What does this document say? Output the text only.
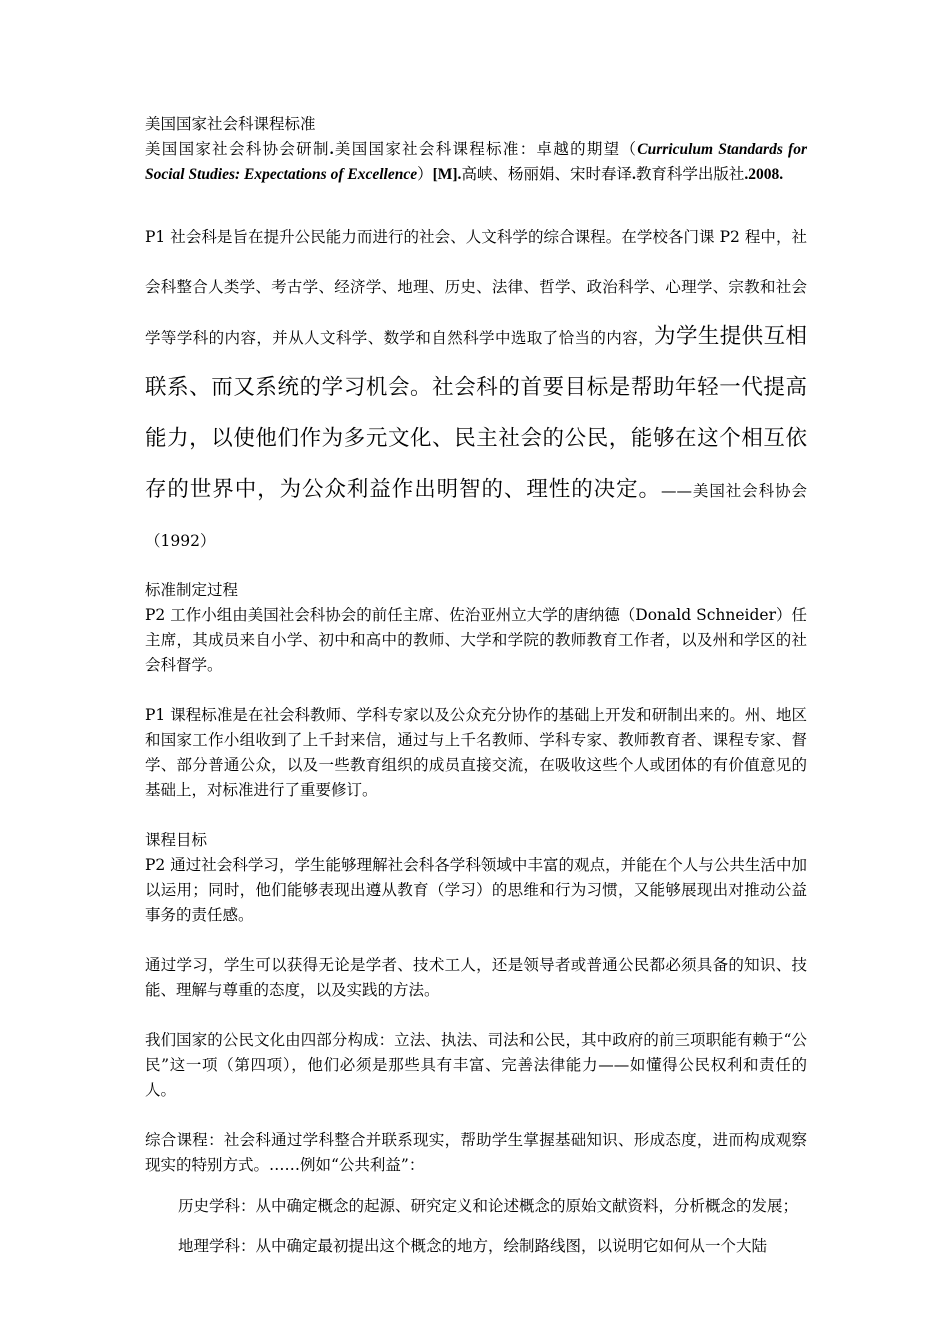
美国国家社会科课程标准

美国国家社会科协会研制.美国国家社会科课程标准：卓越的期望（Curriculum Standards for Social Studies: Expectations of Excellence）[M].高峡、杨丽娟、宋时春译.教育科学出版社.2008.

P1 社会科是旨在提升公民能力而进行的社会、人文科学的综合课程。在学校各门课 P2 程中，社会科整合人类学、考古学、经济学、地理、历史、法律、哲学、政治科学、心理学、宗教和社会学等学科的内容，并从人文科学、数学和自然科学中选取了恰当的内容，为学生提供互相联系、而又系统的学习机会。社会科的首要目标是帮助年轻一代提高能力，以使他们作为多元文化、民主社会的公民，能够在这个相互依存的世界中，为公众利益作出明智的、理性的决定。——美国社会科协会（1992）

标准制定过程

P2 工作小组由美国社会科协会的前任主席、佐治亚州立大学的唐纳德（Donald Schneider）任主席，其成员来自小学、初中和高中的教师、大学和学院的教师教育工作者，以及州和学区的社会科督学。

P1 课程标准是在社会科教师、学科专家以及公众充分协作的基础上开发和研制出来的。州、地区和国家工作小组收到了上千封来信，通过与上千名教师、学科专家、教师教育者、课程专家、督学、部分普通公众，以及一些教育组织的成员直接交流，在吸收这些个人或团体的有价值意见的基础上，对标准进行了重要修订。

课程目标

P2 通过社会科学习，学生能够理解社会科各学科领域中丰富的观点，并能在个人与公共生活中加以运用；同时，他们能够表现出遵从教育（学习）的思维和行为习惯，又能够展现出对推动公益事务的责任感。

通过学习，学生可以获得无论是学者、技术工人，还是领导者或普通公民都必须具备的知识、技能、理解与尊重的态度，以及实践的方法。

我们国家的公民文化由四部分构成：立法、执法、司法和公民，其中政府的前三项职能有赖于“公民”这一项（第四项），他们必须是那些具有丰富、完善法律能力——如懂得公民权利和责任的人。

综合课程：社会科通过学科整合并联系现实，帮助学生掌握基础知识、形成态度，进而构成观察现实的特别方式。……例如“公共利益”：

历史学科：从中确定概念的起源、研究定义和论述概念的原始文献资料，分析概念的发展；

地理学科：从中确定最初提出这个概念的地方，绘制路线图，以说明它如何从一个大陆
